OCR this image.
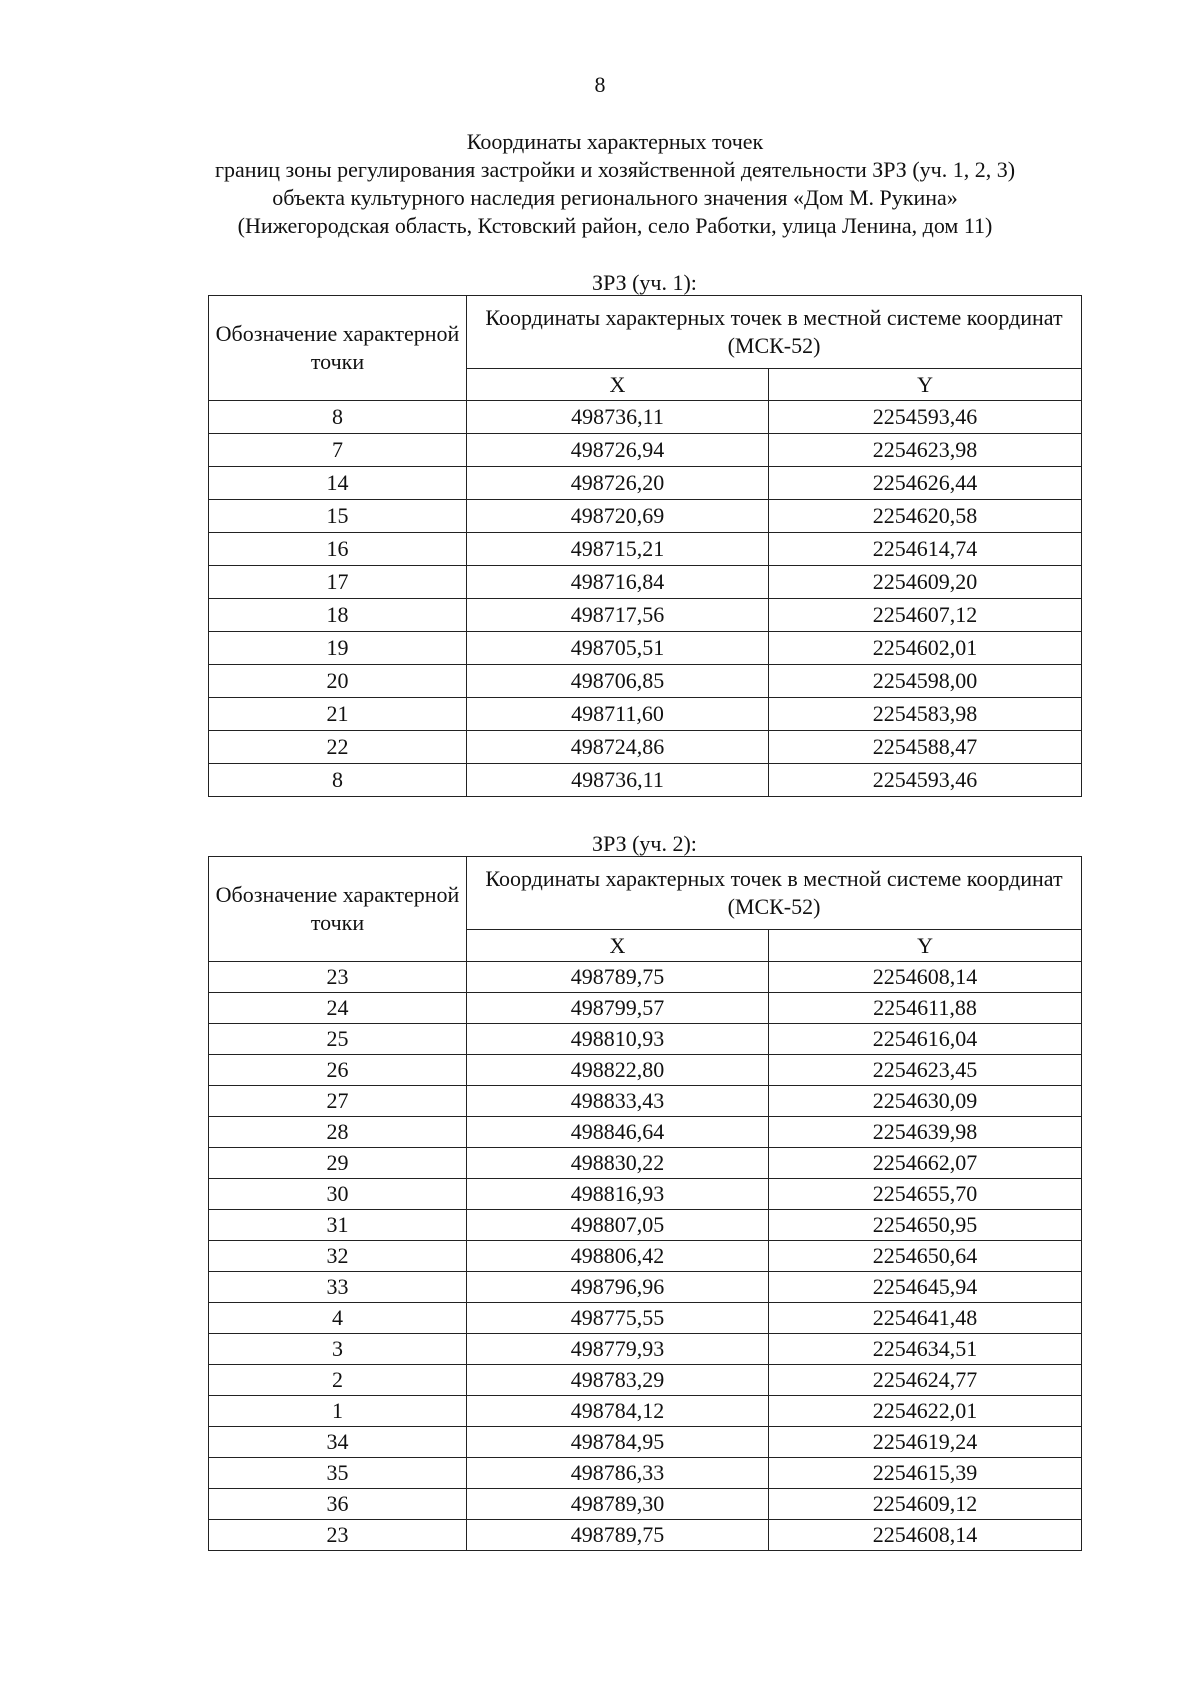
8
Координаты характерных точек
границ зоны регулирования застройки и хозяйственной деятельности ЗРЗ (уч. 1, 2, 3)
объекта культурного наследия регионального значения «Дом М. Рукина»
(Нижегородская область, Кстовский район, село Работки, улица Ленина, дом 11)
ЗРЗ (уч. 1):
Обозначение характерной точки	Координаты характерных точек в местной системе координат (МСК-52)	
	X	Y
8	498736,11	2254593,46
7	498726,94	2254623,98
14	498726,20	2254626,44
15	498720,69	2254620,58
16	498715,21	2254614,74
17	498716,84	2254609,20
18	498717,56	2254607,12
19	498705,51	2254602,01
20	498706,85	2254598,00
21	498711,60	2254583,98
22	498724,86	2254588,47
8	498736,11	2254593,46
ЗРЗ (уч. 2):
Обозначение характерной точки	Координаты характерных точек в местной системе координат (МСК-52)	
	X	Y
23	498789,75	2254608,14
24	498799,57	2254611,88
25	498810,93	2254616,04
26	498822,80	2254623,45
27	498833,43	2254630,09
28	498846,64	2254639,98
29	498830,22	2254662,07
30	498816,93	2254655,70
31	498807,05	2254650,95
32	498806,42	2254650,64
33	498796,96	2254645,94
4	498775,55	2254641,48
3	498779,93	2254634,51
2	498783,29	2254624,77
1	498784,12	2254622,01
34	498784,95	2254619,24
35	498786,33	2254615,39
36	498789,30	2254609,12
23	498789,75	2254608,14
